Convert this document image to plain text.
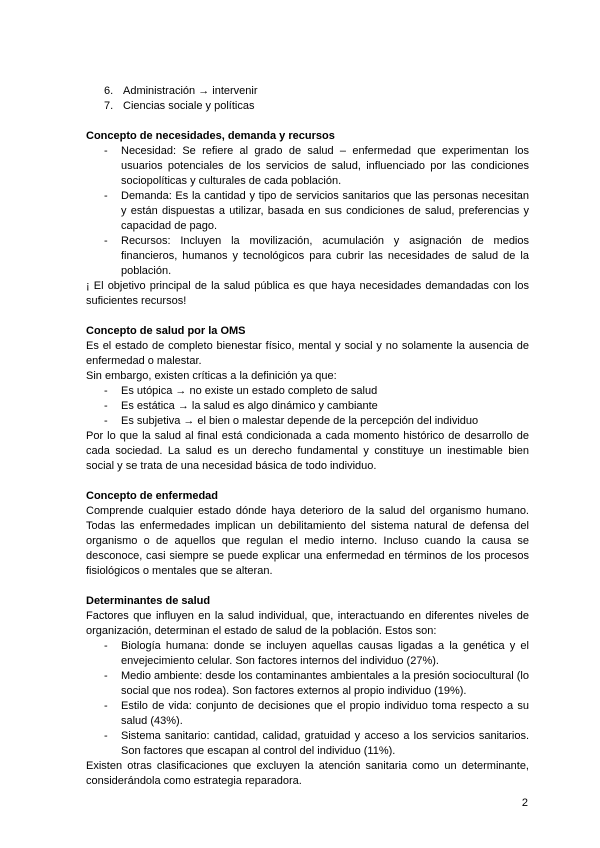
6. Administración → intervenir
7. Ciencias sociale y políticas
Concepto de necesidades, demanda y recursos
-	Necesidad: Se refiere al grado de salud – enfermedad que experimentan los usuarios potenciales de los servicios de salud, influenciado por las condiciones sociopolíticas y culturales de cada población.
-	Demanda: Es la cantidad y tipo de servicios sanitarios que las personas necesitan y están dispuestas a utilizar, basada en sus condiciones de salud, preferencias y capacidad de pago.
-	Recursos: Incluyen la movilización, acumulación y asignación de medios financieros, humanos y tecnológicos para cubrir las necesidades de salud de la población.

¡ El objetivo principal de la salud pública es que haya necesidades demandadas con los suficientes recursos!

Concepto de salud por la OMS

Es el estado de completo bienestar físico, mental y social y no solamente la ausencia de enfermedad o malestar.

Sin embargo, existen críticas a la definición ya que:

-	Es utópica → no existe un estado completo de salud
-	Es estática → la salud es algo dinámico y cambiante
-	Es subjetiva → el bien o malestar depende de la percepción del individuo

Por lo que la salud al final está condicionada a cada momento histórico de desarrollo de cada sociedad. La salud es un derecho fundamental y constituye un inestimable bien social y se trata de una necesidad básica de todo individuo.

Concepto de enfermedad

Comprende cualquier estado dónde haya deterioro de la salud del organismo humano. Todas las enfermedades implican un debilitamiento del sistema natural de defensa del organismo o de aquellos que regulan el medio interno. Incluso cuando la causa se desconoce, casi siempre se puede explicar una enfermedad en términos de los procesos fisiológicos o mentales que se alteran.

Determinantes de salud

Factores que influyen en la salud individual, que, interactuando en diferentes niveles de organización, determinan el estado de salud de la población. Estos son:

-	Biología humana: donde se incluyen aquellas causas ligadas a la genética y el envejecimiento celular. Son factores internos del individuo (27%).
-	Medio ambiente: desde los contaminantes ambientales a la presión sociocultural (lo social que nos rodea). Son factores externos al propio individuo (19%).
-	Estilo de vida: conjunto de decisiones que el propio individuo toma respecto a su salud (43%).
-	Sistema sanitario: cantidad, calidad, gratuidad y acceso a los servicios sanitarios. Son factores que escapan al control del individuo (11%).

Existen otras clasificaciones que excluyen la atención sanitaria como un determinante, considerándola como estrategia reparadora.

2
